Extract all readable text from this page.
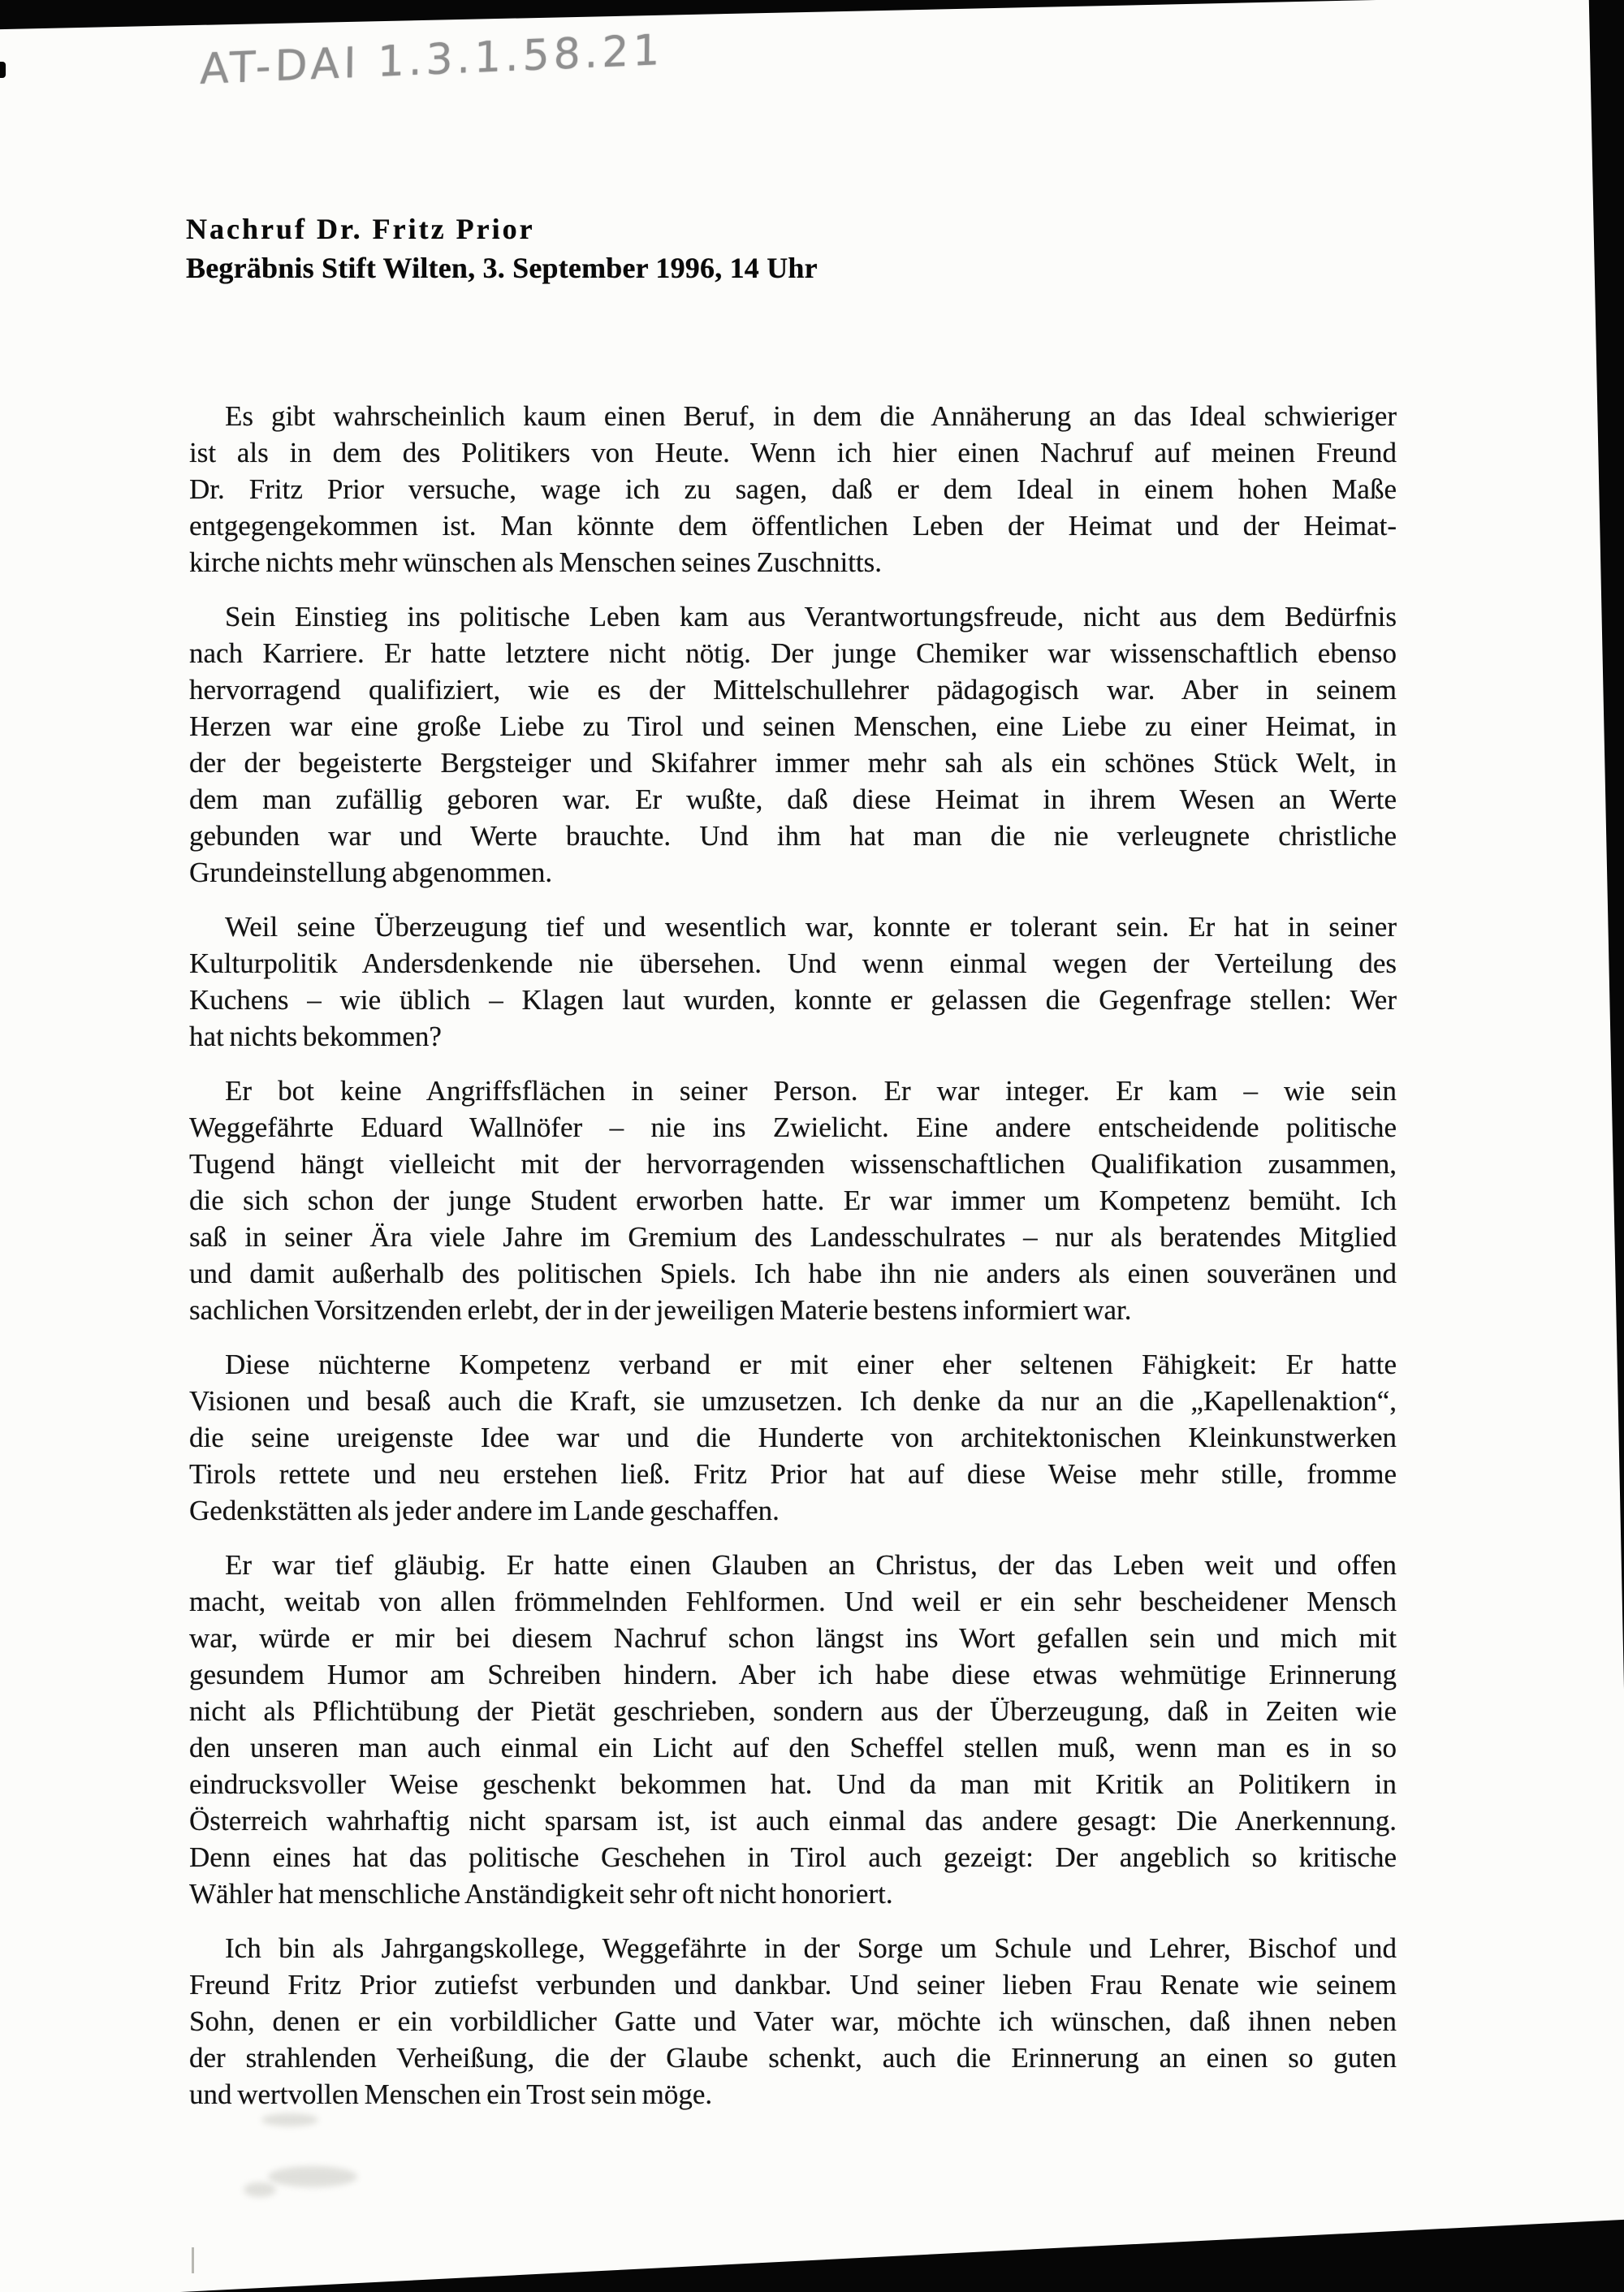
AT-DAI 1.3.1.58.21
Nachruf Dr. Fritz Prior
Begräbnis Stift Wilten, 3. September 1996, 14 Uhr
Es gibt wahrscheinlich kaum einen Beruf, in dem die Annäherung an das Ideal schwieriger
ist als in dem des Politikers von Heute. Wenn ich hier einen Nachruf auf meinen Freund
Dr. Fritz Prior versuche, wage ich zu sagen, daß er dem Ideal in einem hohen Maße
entgegengekommen ist. Man könnte dem öffentlichen Leben der Heimat und der Heimat-
kirche nichts mehr wünschen als Menschen seines Zuschnitts.
Sein Einstieg ins politische Leben kam aus Verantwortungsfreude, nicht aus dem Bedürfnis
nach Karriere. Er hatte letztere nicht nötig. Der junge Chemiker war wissenschaftlich ebenso
hervorragend qualifiziert, wie es der Mittelschullehrer pädagogisch war. Aber in seinem
Herzen war eine große Liebe zu Tirol und seinen Menschen, eine Liebe zu einer Heimat, in
der der begeisterte Bergsteiger und Skifahrer immer mehr sah als ein schönes Stück Welt, in
dem man zufällig geboren war. Er wußte, daß diese Heimat in ihrem Wesen an Werte
gebunden war und Werte brauchte. Und ihm hat man die nie verleugnete christliche
Grundeinstellung abgenommen.
Weil seine Überzeugung tief und wesentlich war, konnte er tolerant sein. Er hat in seiner
Kulturpolitik Andersdenkende nie übersehen. Und wenn einmal wegen der Verteilung des
Kuchens – wie üblich – Klagen laut wurden, konnte er gelassen die Gegenfrage stellen: Wer
hat nichts bekommen?
Er bot keine Angriffsflächen in seiner Person. Er war integer. Er kam – wie sein
Weggefährte Eduard Wallnöfer – nie ins Zwielicht. Eine andere entscheidende politische
Tugend hängt vielleicht mit der hervorragenden wissenschaftlichen Qualifikation zusammen,
die sich schon der junge Student erworben hatte. Er war immer um Kompetenz bemüht. Ich
saß in seiner Ära viele Jahre im Gremium des Landesschulrates – nur als beratendes Mitglied
und damit außerhalb des politischen Spiels. Ich habe ihn nie anders als einen souveränen und
sachlichen Vorsitzenden erlebt, der in der jeweiligen Materie bestens informiert war.
Diese nüchterne Kompetenz verband er mit einer eher seltenen Fähigkeit: Er hatte
Visionen und besaß auch die Kraft, sie umzusetzen. Ich denke da nur an die „Kapellenaktion“,
die seine ureigenste Idee war und die Hunderte von architektonischen Kleinkunstwerken
Tirols rettete und neu erstehen ließ. Fritz Prior hat auf diese Weise mehr stille, fromme
Gedenkstätten als jeder andere im Lande geschaffen.
Er war tief gläubig. Er hatte einen Glauben an Christus, der das Leben weit und offen
macht, weitab von allen frömmelnden Fehlformen. Und weil er ein sehr bescheidener Mensch
war, würde er mir bei diesem Nachruf schon längst ins Wort gefallen sein und mich mit
gesundem Humor am Schreiben hindern. Aber ich habe diese etwas wehmütige Erinnerung
nicht als Pflichtübung der Pietät geschrieben, sondern aus der Überzeugung, daß in Zeiten wie
den unseren man auch einmal ein Licht auf den Scheffel stellen muß, wenn man es in so
eindrucksvoller Weise geschenkt bekommen hat. Und da man mit Kritik an Politikern in
Österreich wahrhaftig nicht sparsam ist, ist auch einmal das andere gesagt: Die Anerkennung.
Denn eines hat das politische Geschehen in Tirol auch gezeigt: Der angeblich so kritische
Wähler hat menschliche Anständigkeit sehr oft nicht honoriert.
Ich bin als Jahrgangskollege, Weggefährte in der Sorge um Schule und Lehrer, Bischof und
Freund Fritz Prior zutiefst verbunden und dankbar. Und seiner lieben Frau Renate wie seinem
Sohn, denen er ein vorbildlicher Gatte und Vater war, möchte ich wünschen, daß ihnen neben
der strahlenden Verheißung, die der Glaube schenkt, auch die Erinnerung an einen so guten
und wertvollen Menschen ein Trost sein möge.
